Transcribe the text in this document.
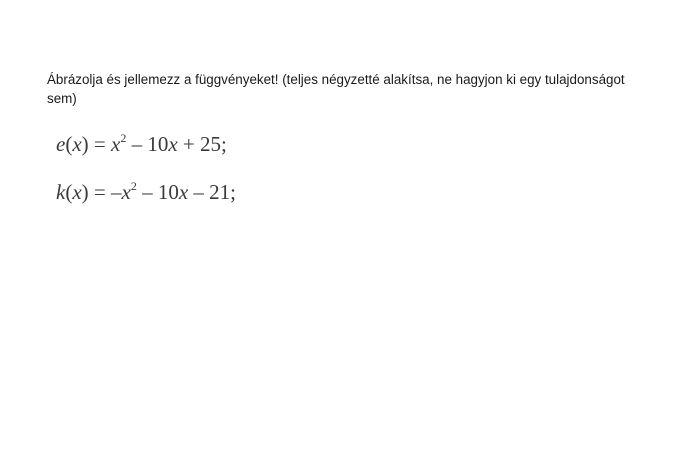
Ábrázolja és jellemezz a függvényeket! (teljes négyzetté alakítsa, ne hagyjon ki egy tulajdonságot sem)
$e(x) = x^2 - 10x + 25$;
$k(x) = -x^2 - 10x - 21$;
